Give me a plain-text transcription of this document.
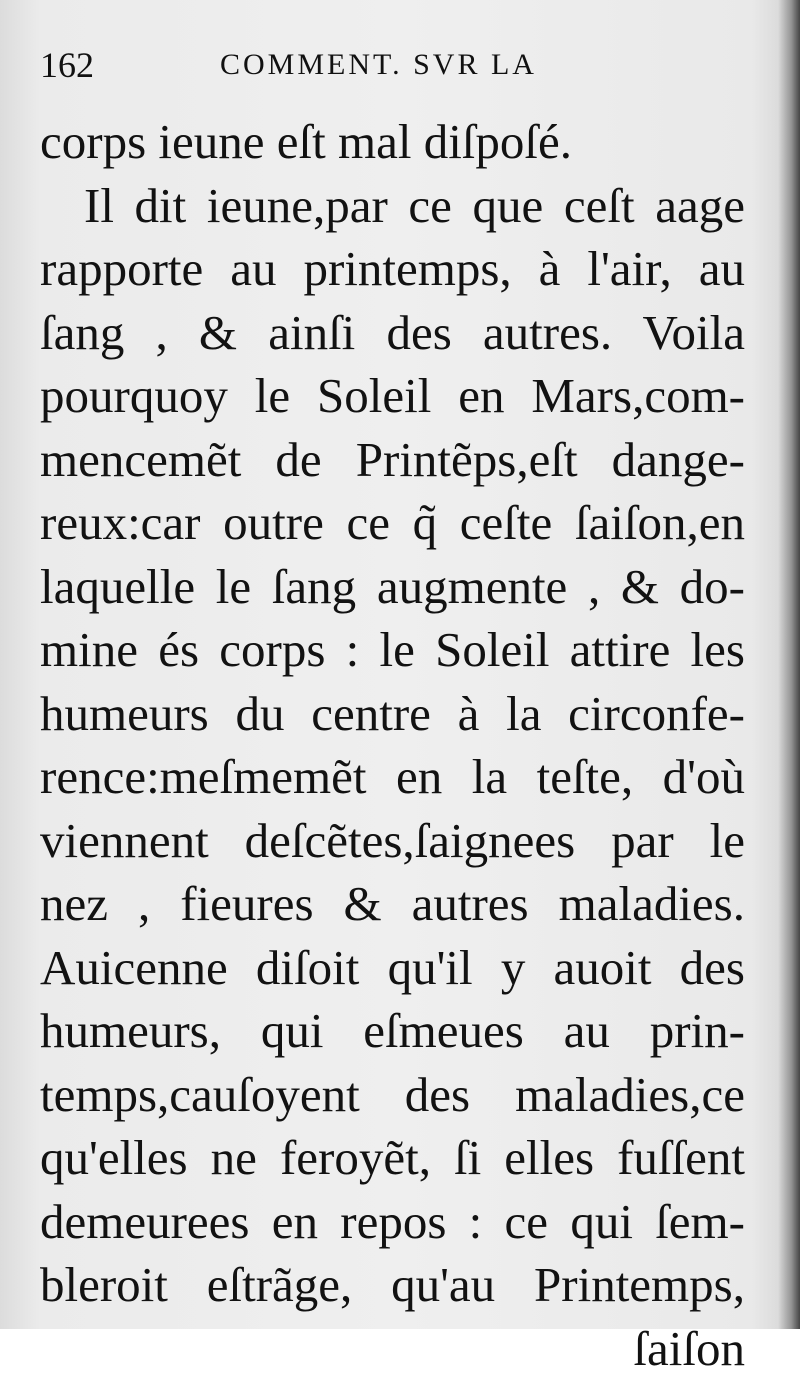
162	COMMENT. SVR LA
corps ieune eſt mal diſpoſé.
Il dit ieune,par ce que ceſt aage
rapporte au printemps, à l'air, au
ſang , & ainſi des autres. Voila
pourquoy le Soleil en Mars,com-
mencemẽt de Printẽps,eſt dange-
reux:car outre ce q̃ ceſte ſaiſon,en
laquelle le ſang augmente , & do-
mine és corps : le Soleil attire les
humeurs du centre à la circonfe-
rence:meſmemẽt en la teſte, d'où
viennent deſcẽtes,ſaignees par le
nez , fieures & autres maladies.
Auicenne diſoit qu'il y auoit des
humeurs, qui eſmeues au prin-
temps,cauſoyent des maladies,ce
qu'elles ne feroyẽt, ſi elles fuſſent
demeurees en repos : ce qui ſem-
bleroit eſtrãge, qu'au Printemps,
ſaiſon
